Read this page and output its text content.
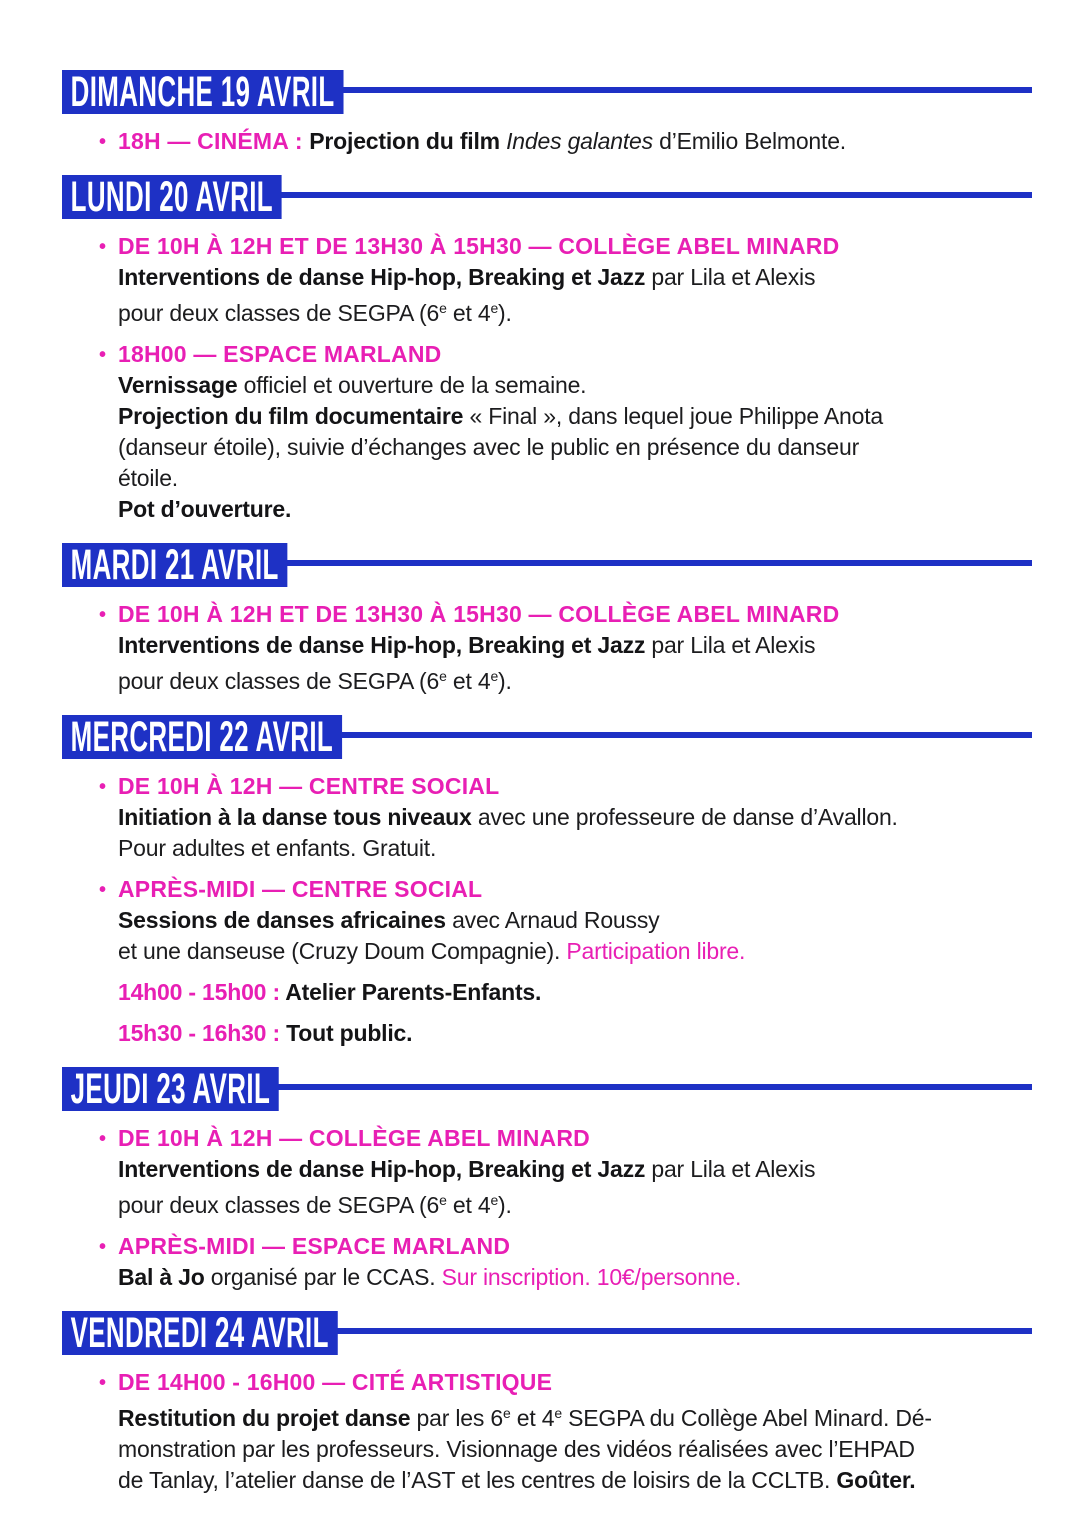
DIMANCHE 19 AVRIL
• 18H — CINÉMA : Projection du film Indes galantes d’Emilio Belmonte.
LUNDI 20 AVRIL
• DE 10H À 12H ET DE 13H30 À 15H30 — COLLÈGE ABEL MINARD
Interventions de danse Hip-hop, Breaking et Jazz par Lila et Alexis
pour deux classes de SEGPA (6e et 4e).
• 18H00 — ESPACE MARLAND
Vernissage officiel et ouverture de la semaine.
Projection du film documentaire « Final », dans lequel joue Philippe Anota
(danseur étoile), suivie d’échanges avec le public en présence du danseur
étoile.
Pot d’ouverture.
MARDI 21 AVRIL
• DE 10H À 12H ET DE 13H30 À 15H30 — COLLÈGE ABEL MINARD
Interventions de danse Hip-hop, Breaking et Jazz par Lila et Alexis
pour deux classes de SEGPA (6e et 4e).
MERCREDI 22 AVRIL
• DE 10H À 12H — CENTRE SOCIAL
Initiation à la danse tous niveaux avec une professeure de danse d’Avallon.
Pour adultes et enfants. Gratuit.
• APRÈS-MIDI — CENTRE SOCIAL
Sessions de danses africaines avec Arnaud Roussy
et une danseuse (Cruzy Doum Compagnie). Participation libre.
14h00 - 15h00 : Atelier Parents-Enfants.
15h30 - 16h30 : Tout public.
JEUDI 23 AVRIL
• DE 10H À 12H — COLLÈGE ABEL MINARD
Interventions de danse Hip-hop, Breaking et Jazz par Lila et Alexis
pour deux classes de SEGPA (6e et 4e).
• APRÈS-MIDI — ESPACE MARLAND
Bal à Jo organisé par le CCAS. Sur inscription. 10€/personne.
VENDREDI 24 AVRIL
• DE 14H00 - 16H00 — CITÉ ARTISTIQUE
Restitution du projet danse par les 6e et 4e SEGPA du Collège Abel Minard. Dé-
monstration par les professeurs. Visionnage des vidéos réalisées avec l’EHPAD
de Tanlay, l’atelier danse de l’AST et les centres de loisirs de la CCLTB. Goûter.
